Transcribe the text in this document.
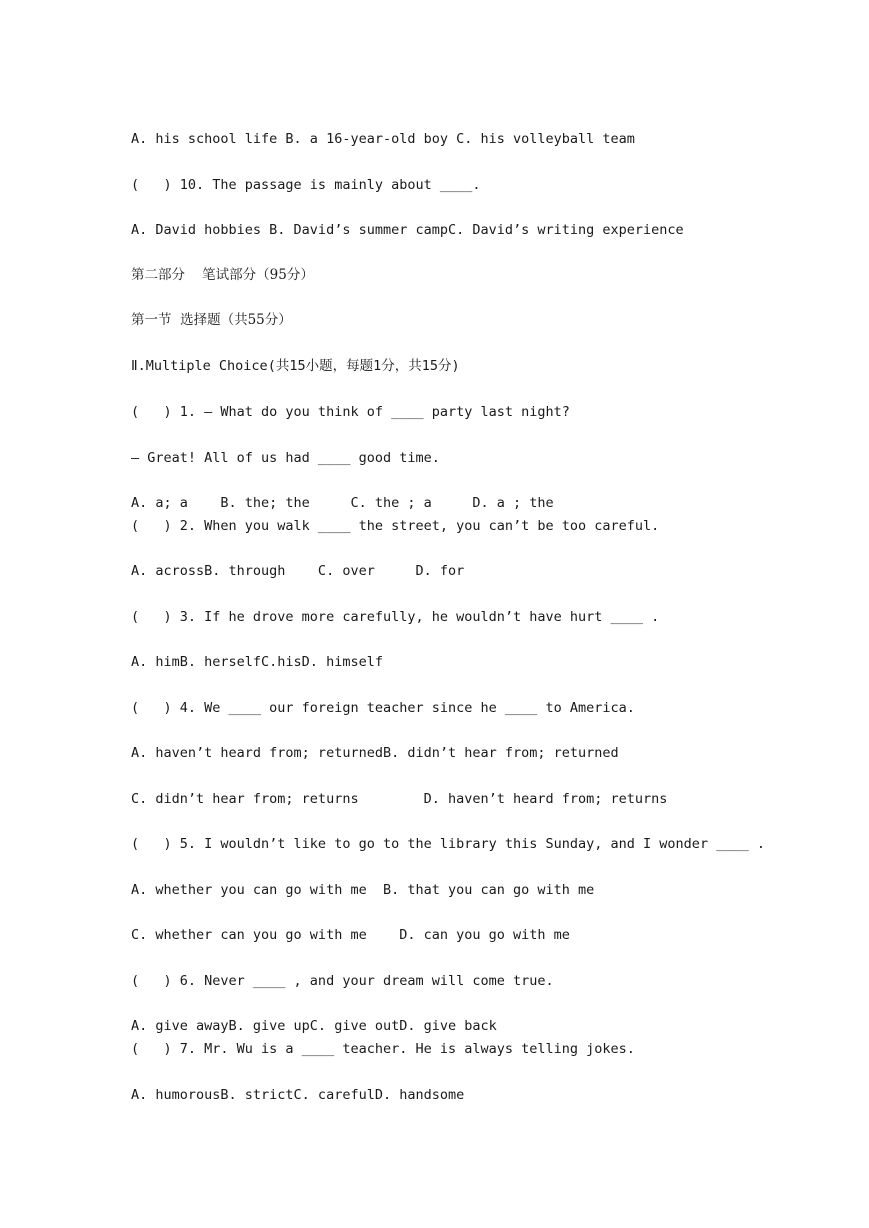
A. his school life B. a 16-year-old boy C. his volleyball team
(   ) 10. The passage is mainly about ____.
A. David hobbies B. David’s summer campC. David’s writing experience
第二部分    笔试部分（95分）
第一节  选择题（共55分）
Ⅱ.Multiple Choice(共15小题，每题1分，共15分)
(   ) 1. — What do you think of ____ party last night?
— Great! All of us had ____ good time.
A. a; a    B. the; the     C. the ; a     D. a ; the
(   ) 2. When you walk ____ the street, you can’t be too careful.
A. acrossB. through    C. over     D. for
(   ) 3. If he drove more carefully, he wouldn’t have hurt ____ .
A. himB. herselfC.hisD. himself
(   ) 4. We ____ our foreign teacher since he ____ to America.
A. haven’t heard from; returnedB. didn’t hear from; returned
C. didn’t hear from; returns        D. haven’t heard from; returns
(   ) 5. I wouldn’t like to go to the library this Sunday, and I wonder ____ .
A. whether you can go with me  B. that you can go with me
C. whether can you go with me    D. can you go with me
(   ) 6. Never ____ , and your dream will come true.
A. give awayB. give upC. give outD. give back
(   ) 7. Mr. Wu is a ____ teacher. He is always telling jokes.
A. humorousB. strictC. carefulD. handsome
